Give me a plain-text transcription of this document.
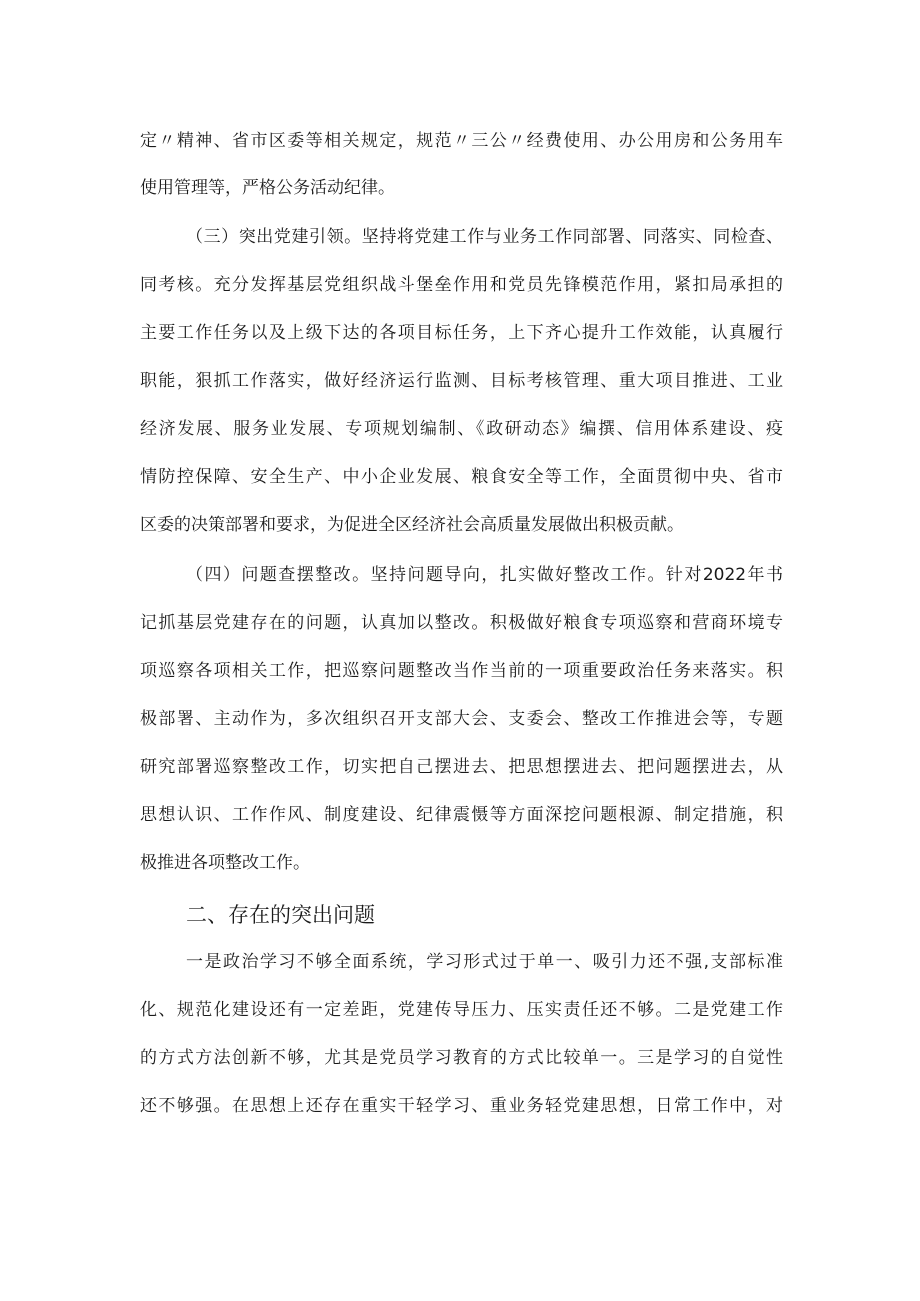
定〃精神、省市区委等相关规定，规范〃三公〃经费使用、办公用房和公务用车
使用管理等，严格公务活动纪律。
（三）突出党建引领。坚持将党建工作与业务工作同部署、同落实、同检查、
同考核。充分发挥基层党组织战斗堡垒作用和党员先锋模范作用，紧扣局承担的
主要工作任务以及上级下达的各项目标任务，上下齐心提升工作效能，认真履行
职能，狠抓工作落实，做好经济运行监测、目标考核管理、重大项目推进、工业
经济发展、服务业发展、专项规划编制、《政研动态》编撰、信用体系建设、疫
情防控保障、安全生产、中小企业发展、粮食安全等工作，全面贯彻中央、省市
区委的决策部署和要求，为促进全区经济社会高质量发展做出积极贡献。
（四）问题查摆整改。坚持问题导向，扎实做好整改工作。针对2022年书
记抓基层党建存在的问题，认真加以整改。积极做好粮食专项巡察和营商环境专
项巡察各项相关工作，把巡察问题整改当作当前的一项重要政治任务来落实。积
极部署、主动作为，多次组织召开支部大会、支委会、整改工作推进会等，专题
研究部署巡察整改工作，切实把自己摆进去、把思想摆进去、把问题摆进去，从
思想认识、工作作风、制度建设、纪律震慑等方面深挖问题根源、制定措施，积
极推进各项整改工作。
二、存在的突出问题
一是政治学习不够全面系统，学习形式过于单一、吸引力还不强,支部标准
化、规范化建设还有一定差距，党建传导压力、压实责任还不够。二是党建工作
的方式方法创新不够，尤其是党员学习教育的方式比较单一。三是学习的自觉性
还不够强。在思想上还存在重实干轻学习、重业务轻党建思想，日常工作中，对
